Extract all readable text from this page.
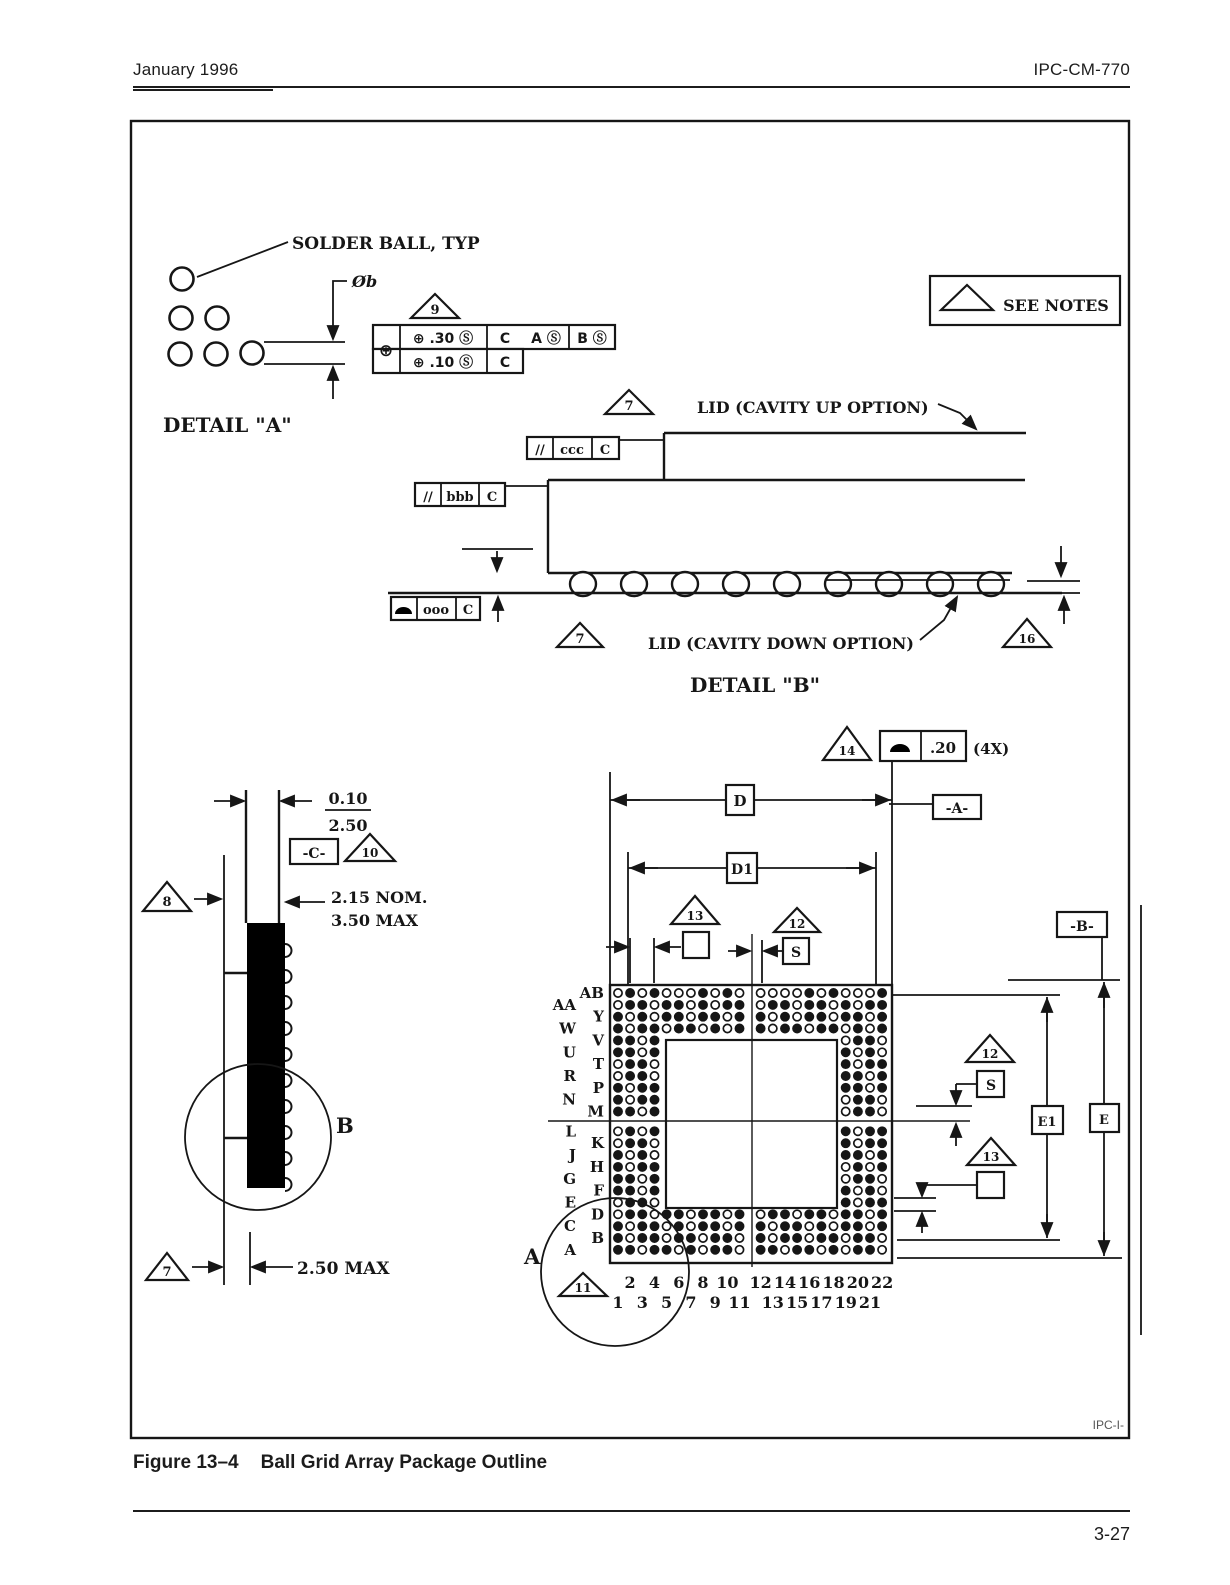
January 1996	IPC-CM-770
SOLDER BALL, TYP
Øb
9
⊕
⊕ .30 Ⓢ C A Ⓢ B Ⓢ
⊕ .10 Ⓢ C
DETAIL "A"
SEE NOTES
7	LID (CAVITY UP OPTION)
// ccc C
// bbb C
ooo C
LID (CAVITY DOWN OPTION)
7	16
DETAIL "B"
0.10
2.50
-C-	10
2.15 NOM.
3.50 MAX
8
B
7	2.50 MAX
14	.20 (4X)
D	-A-
D1
13
S
12
AB
Y
V
T
P
M
K
H
F
D
B
AA
W
U
R
N
L
J
G
E
C
A
2 4 6 8 10 12 14 16 18 20 22
1 3 5 7 9 11 13 15 17 19 21
E1	E
-B-
12
S
13
A
11
IPC-I-
Figure 13–4 Ball Grid Array Package Outline
3-27
